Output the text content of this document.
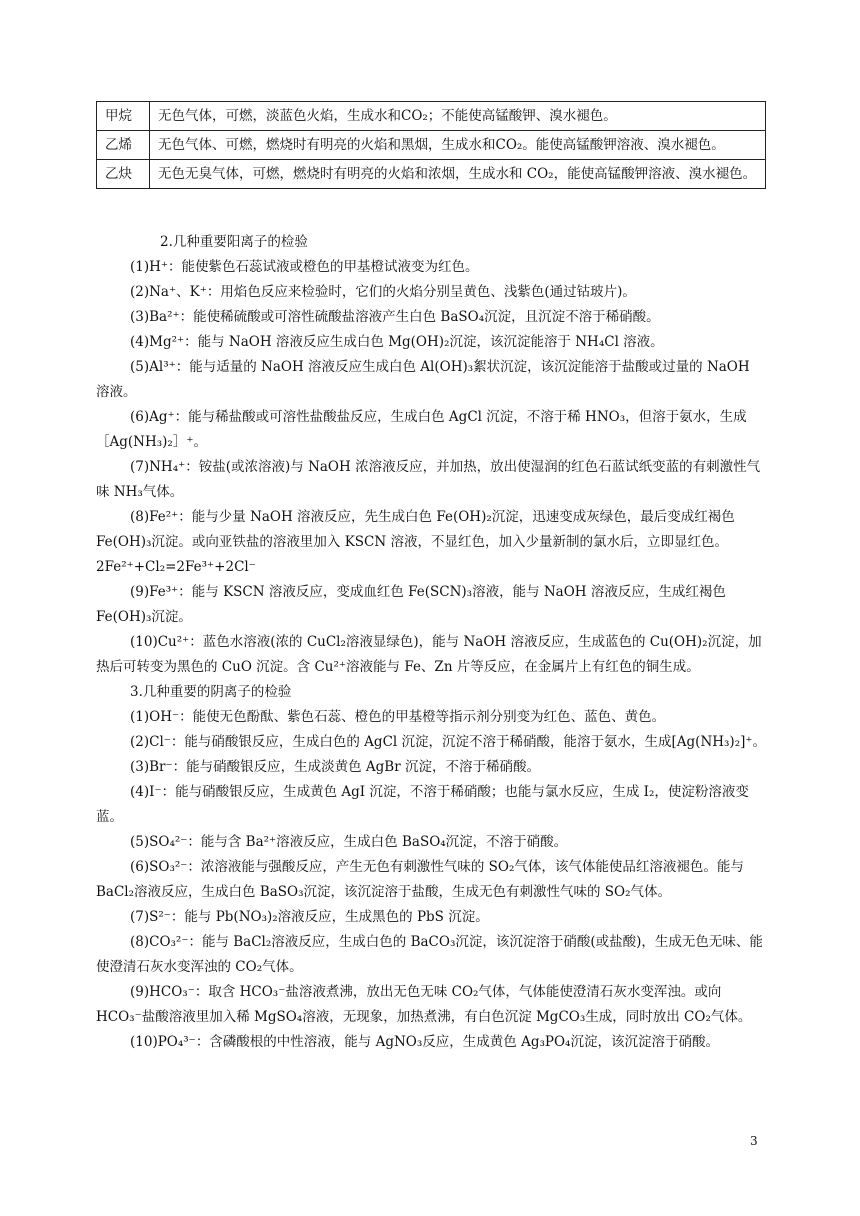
甲烷	无色气体，可燃，淡蓝色火焰，生成水和CO₂；不能使高锰酸钾、溴水褪色。
乙烯	无色气体、可燃，燃烧时有明亮的火焰和黑烟，生成水和CO₂。能使高锰酸钾溶液、溴水褪色。
乙炔	无色无臭气体，可燃，燃烧时有明亮的火焰和浓烟，生成水和 CO₂，能使高锰酸钾溶液、溴水褪色。

2.几种重要阳离子的检验

(1)H⁺：能使紫色石蕊试液或橙色的甲基橙试液变为红色。

(2)Na⁺、K⁺：用焰色反应来检验时，它们的火焰分别呈黄色、浅紫色(通过钴玻片)。

(3)Ba²⁺：能使稀硫酸或可溶性硫酸盐溶液产生白色 BaSO₄沉淀，且沉淀不溶于稀硝酸。

(4)Mg²⁺：能与 NaOH 溶液反应生成白色 Mg(OH)₂沉淀，该沉淀能溶于 NH₄Cl 溶液。

(5)Al³⁺：能与适量的 NaOH 溶液反应生成白色 Al(OH)₃絮状沉淀，该沉淀能溶于盐酸或过量的 NaOH 溶液。

(6)Ag⁺：能与稀盐酸或可溶性盐酸盐反应，生成白色 AgCl 沉淀，不溶于稀 HNO₃，但溶于氨水，生成［Ag(NH₃)₂］⁺。

(7)NH₄⁺：铵盐(或浓溶液)与 NaOH 浓溶液反应，并加热，放出使湿润的红色石蓝试纸变蓝的有刺激性气味 NH₃气体。

(8)Fe²⁺：能与少量 NaOH 溶液反应，先生成白色 Fe(OH)₂沉淀，迅速变成灰绿色，最后变成红褐色 Fe(OH)₃沉淀。或向亚铁盐的溶液里加入 KSCN 溶液，不显红色，加入少量新制的氯水后，立即显红色。2Fe²⁺+Cl₂=2Fe³⁺+2Cl⁻

(9)Fe³⁺：能与 KSCN 溶液反应，变成血红色 Fe(SCN)₃溶液，能与 NaOH 溶液反应，生成红褐色 Fe(OH)₃沉淀。

(10)Cu²⁺：蓝色水溶液(浓的 CuCl₂溶液显绿色)，能与 NaOH 溶液反应，生成蓝色的 Cu(OH)₂沉淀，加热后可转变为黑色的 CuO 沉淀。含 Cu²⁺溶液能与 Fe、Zn 片等反应，在金属片上有红色的铜生成。

3.几种重要的阴离子的检验

(1)OH⁻：能使无色酚酞、紫色石蕊、橙色的甲基橙等指示剂分别变为红色、蓝色、黄色。

(2)Cl⁻：能与硝酸银反应，生成白色的 AgCl 沉淀，沉淀不溶于稀硝酸，能溶于氨水，生成[Ag(NH₃)₂]⁺。

(3)Br⁻：能与硝酸银反应，生成淡黄色 AgBr 沉淀，不溶于稀硝酸。

(4)I⁻：能与硝酸银反应，生成黄色 AgI 沉淀，不溶于稀硝酸；也能与氯水反应，生成 I₂，使淀粉溶液变蓝。

(5)SO₄²⁻：能与含 Ba²⁺溶液反应，生成白色 BaSO₄沉淀，不溶于硝酸。

(6)SO₃²⁻：浓溶液能与强酸反应，产生无色有刺激性气味的 SO₂气体，该气体能使品红溶液褪色。能与 BaCl₂溶液反应，生成白色 BaSO₃沉淀，该沉淀溶于盐酸，生成无色有刺激性气味的 SO₂气体。

(7)S²⁻：能与 Pb(NO₃)₂溶液反应，生成黑色的 PbS 沉淀。

(8)CO₃²⁻：能与 BaCl₂溶液反应，生成白色的 BaCO₃沉淀，该沉淀溶于硝酸(或盐酸)，生成无色无味、能使澄清石灰水变浑浊的 CO₂气体。

(9)HCO₃⁻：取含 HCO₃⁻盐溶液煮沸，放出无色无味 CO₂气体，气体能使澄清石灰水变浑浊。或向 HCO₃⁻盐酸溶液里加入稀 MgSO₄溶液，无现象，加热煮沸，有白色沉淀 MgCO₃生成，同时放出 CO₂气体。

(10)PO₄³⁻：含磷酸根的中性溶液，能与 AgNO₃反应，生成黄色 Ag₃PO₄沉淀，该沉淀溶于硝酸。

3
